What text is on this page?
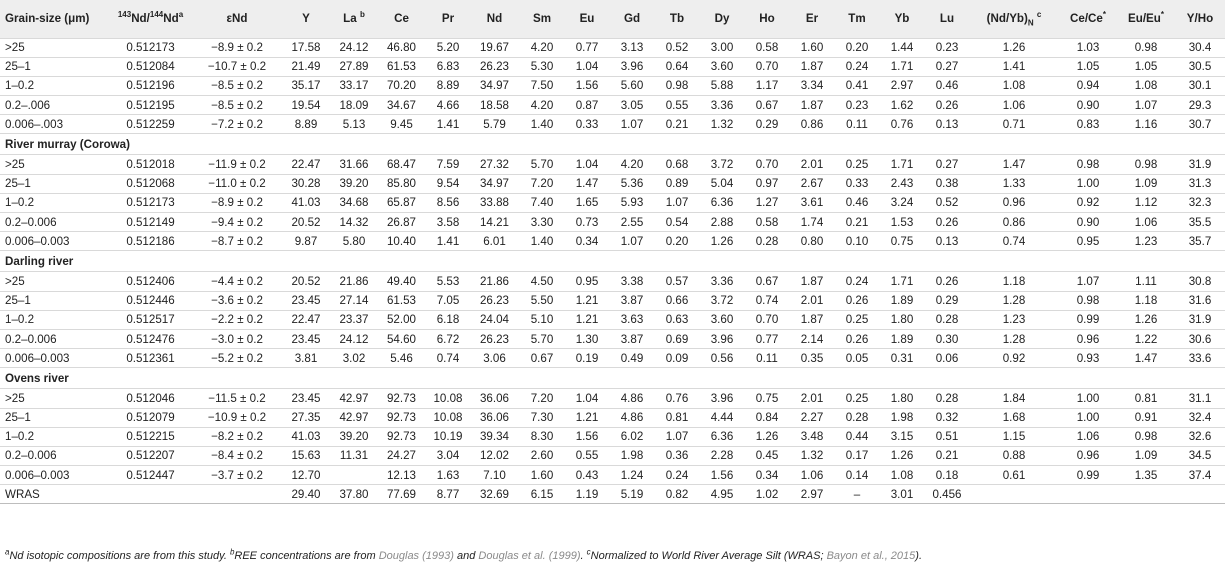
Grain-size (μm)	$^{143}$Nd/$^{144}$Nd$^a$	εNd	Y	La $^b$	Ce	Pr	Nd	Sm	Eu	Gd	Tb	Dy	Ho	Er	Tm	Yb	Lu	$(Nd/Yb)_N$ $^c$	Ce/Ce*	Eu/Eu*	Y/Ho
>25	0.512173	−8.9 ± 0.2	17.58	24.12	46.80	5.20	19.67	4.20	0.77	3.13	0.52	3.00	0.58	1.60	0.20	1.44	0.23	1.26	1.03	0.98	30.4
25–1	0.512084	−10.7 ± 0.2	21.49	27.89	61.53	6.83	26.23	5.30	1.04	3.96	0.64	3.60	0.70	1.87	0.24	1.71	0.27	1.41	1.05	1.05	30.5
1–0.2	0.512196	−8.5 ± 0.2	35.17	33.17	70.20	8.89	34.97	7.50	1.56	5.60	0.98	5.88	1.17	3.34	0.41	2.97	0.46	1.08	0.94	1.08	30.1
0.2–.006	0.512195	−8.5 ± 0.2	19.54	18.09	34.67	4.66	18.58	4.20	0.87	3.05	0.55	3.36	0.67	1.87	0.23	1.62	0.26	1.06	0.90	1.07	29.3
0.006–.003	0.512259	−7.2 ± 0.2	8.89	5.13	9.45	1.41	5.79	1.40	0.33	1.07	0.21	1.32	0.29	0.86	0.11	0.76	0.13	0.71	0.83	1.16	30.7
River murray (Corowa)																					
>25	0.512018	−11.9 ± 0.2	22.47	31.66	68.47	7.59	27.32	5.70	1.04	4.20	0.68	3.72	0.70	2.01	0.25	1.71	0.27	1.47	0.98	0.98	31.9
25–1	0.512068	−11.0 ± 0.2	30.28	39.20	85.80	9.54	34.97	7.20	1.47	5.36	0.89	5.04	0.97	2.67	0.33	2.43	0.38	1.33	1.00	1.09	31.3
1–0.2	0.512173	−8.9 ± 0.2	41.03	34.68	65.87	8.56	33.88	7.40	1.65	5.93	1.07	6.36	1.27	3.61	0.46	3.24	0.52	0.96	0.92	1.12	32.3
0.2–0.006	0.512149	−9.4 ± 0.2	20.52	14.32	26.87	3.58	14.21	3.30	0.73	2.55	0.54	2.88	0.58	1.74	0.21	1.53	0.26	0.86	0.90	1.06	35.5
0.006–0.003	0.512186	−8.7 ± 0.2	9.87	5.80	10.40	1.41	6.01	1.40	0.34	1.07	0.20	1.26	0.28	0.80	0.10	0.75	0.13	0.74	0.95	1.23	35.7
Darling river																					
>25	0.512406	−4.4 ± 0.2	20.52	21.86	49.40	5.53	21.86	4.50	0.95	3.38	0.57	3.36	0.67	1.87	0.24	1.71	0.26	1.18	1.07	1.11	30.8
25–1	0.512446	−3.6 ± 0.2	23.45	27.14	61.53	7.05	26.23	5.50	1.21	3.87	0.66	3.72	0.74	2.01	0.26	1.89	0.29	1.28	0.98	1.18	31.6
1–0.2	0.512517	−2.2 ± 0.2	22.47	23.37	52.00	6.18	24.04	5.10	1.21	3.63	0.63	3.60	0.70	1.87	0.25	1.80	0.28	1.23	0.99	1.26	31.9
0.2–0.006	0.512476	−3.0 ± 0.2	23.45	24.12	54.60	6.72	26.23	5.70	1.30	3.87	0.69	3.96	0.77	2.14	0.26	1.89	0.30	1.28	0.96	1.22	30.6
0.006–0.003	0.512361	−5.2 ± 0.2	3.81	3.02	5.46	0.74	3.06	0.67	0.19	0.49	0.09	0.56	0.11	0.35	0.05	0.31	0.06	0.92	0.93	1.47	33.6
Ovens river																					
>25	0.512046	−11.5 ± 0.2	23.45	42.97	92.73	10.08	36.06	7.20	1.04	4.86	0.76	3.96	0.75	2.01	0.25	1.80	0.28	1.84	1.00	0.81	31.1
25–1	0.512079	−10.9 ± 0.2	27.35	42.97	92.73	10.08	36.06	7.30	1.21	4.86	0.81	4.44	0.84	2.27	0.28	1.98	0.32	1.68	1.00	0.91	32.4
1–0.2	0.512215	−8.2 ± 0.2	41.03	39.20	92.73	10.19	39.34	8.30	1.56	6.02	1.07	6.36	1.26	3.48	0.44	3.15	0.51	1.15	1.06	0.98	32.6
0.2–0.006	0.512207	−8.4 ± 0.2	15.63	11.31	24.27	3.04	12.02	2.60	0.55	1.98	0.36	2.28	0.45	1.32	0.17	1.26	0.21	0.88	0.96	1.09	34.5
0.006–0.003	0.512447	−3.7 ± 0.2	12.70		12.13	1.63	7.10	1.60	0.43	1.24	0.24	1.56	0.34	1.06	0.14	1.08	0.18	0.61	0.99	1.35	37.4
WRAS			29.40	37.80	77.69	8.77	32.69	6.15	1.19	5.19	0.82	4.95	1.02	2.97	–	3.01	0.456				
$^a$Nd isotopic compositions are from this study. $^b$REE concentrations are from Douglas (1993) and Douglas et al. (1999). $^c$Normalized to World River Average Silt (WRAS; Bayon et al., 2015).
